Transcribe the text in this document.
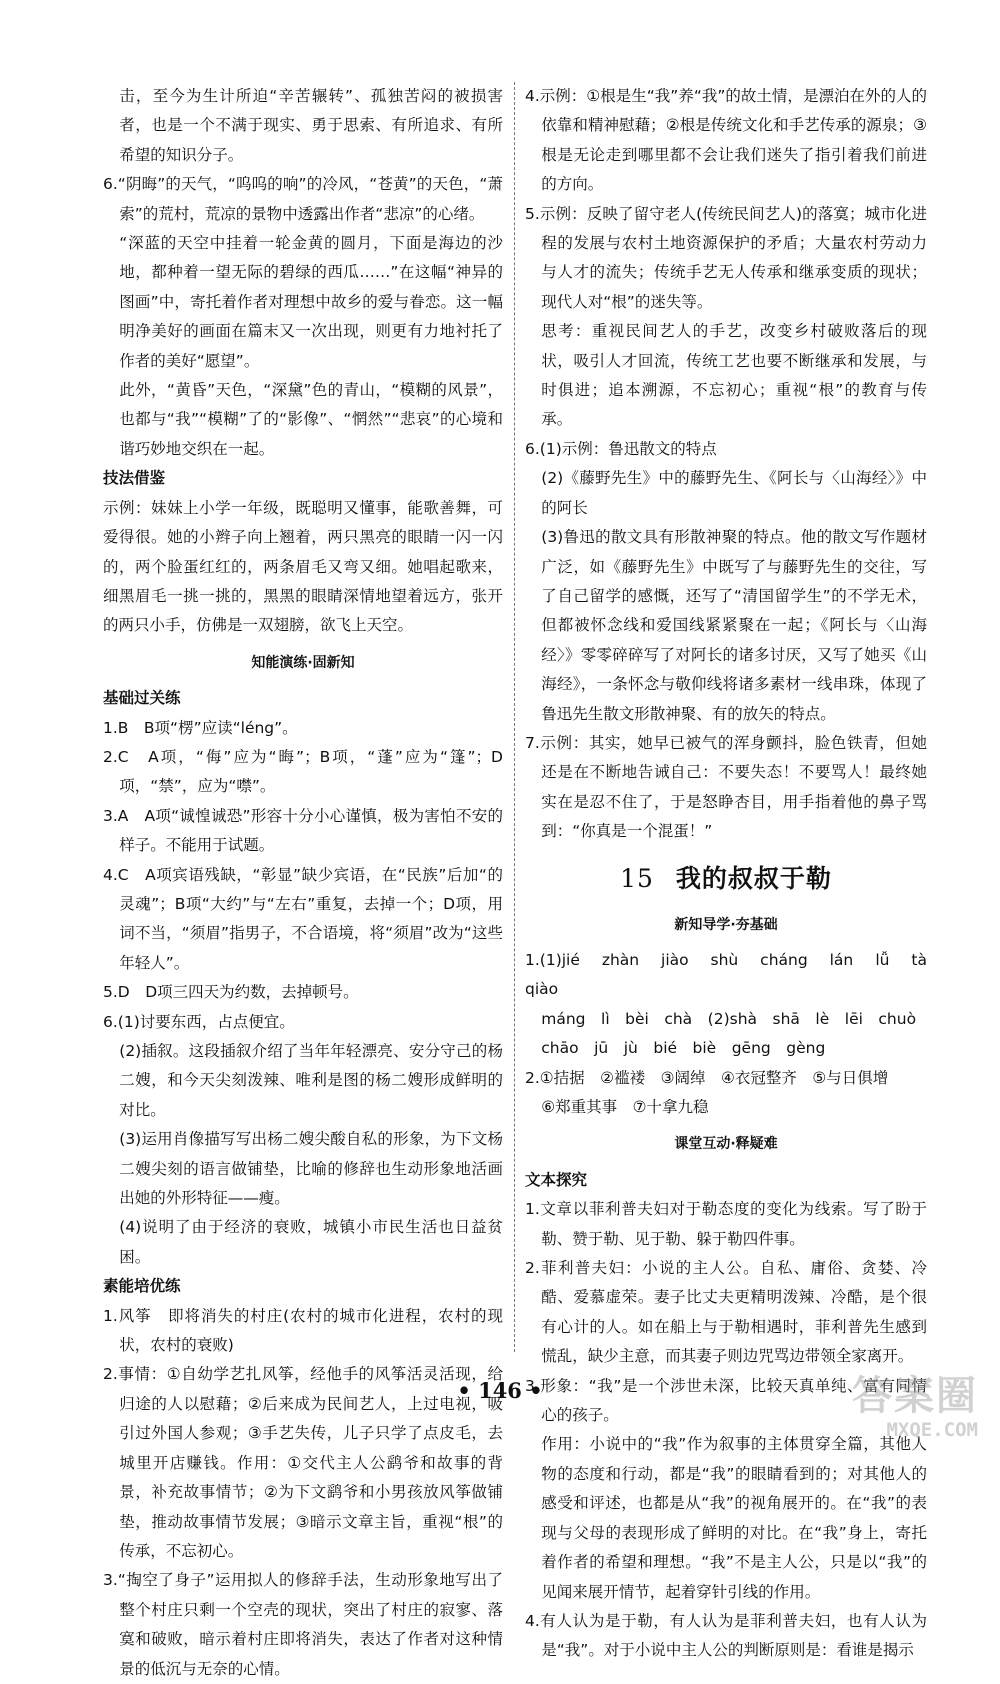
击，至今为生计所迫“辛苦辗转”、孤独苦闷的被损害者，也是一个不满于现实、勇于思索、有所追求、有所希望的知识分子。

6.“阴晦”的天气，“呜呜的响”的冷风，“苍黄”的天色，“萧索”的荒村，荒凉的景物中透露出作者“悲凉”的心绪。

“深蓝的天空中挂着一轮金黄的圆月，下面是海边的沙地，都种着一望无际的碧绿的西瓜……”在这幅“神异的图画”中，寄托着作者对理想中故乡的爱与眷恋。这一幅明净美好的画面在篇末又一次出现，则更有力地衬托了作者的美好“愿望”。

此外，“黄昏”天色，“深黛”色的青山，“模糊的风景”，也都与“我”“模糊”了的“影像”、“惘然”“悲哀”的心境和谐巧妙地交织在一起。

技法借鉴

示例：妹妹上小学一年级，既聪明又懂事，能歌善舞，可爱得很。她的小辫子向上翘着，两只黑亮的眼睛一闪一闪的，两个脸蛋红红的，两条眉毛又弯又细。她唱起歌来，细黑眉毛一挑一挑的，黑黑的眼睛深情地望着远方，张开的两只小手，仿佛是一双翅膀，欲飞上天空。

知能演练·固新知

基础过关练

1.B　B项“楞”应读“léng”。

2.C　A项，“侮”应为“晦”；B项，“蓬”应为“篷”；D项，“禁”，应为“噤”。

3.A　A项“诚惶诚恐”形容十分小心谨慎，极为害怕不安的样子。不能用于试题。

4.C　A项宾语残缺，“彰显”缺少宾语，在“民族”后加“的灵魂”；B项“大约”与“左右”重复，去掉一个；D项，用词不当，“须眉”指男子，不合语境，将“须眉”改为“这些年轻人”。

5.D　D项三四天为约数，去掉顿号。

6.(1)讨要东西，占点便宜。

(2)插叙。这段插叙介绍了当年年轻漂亮、安分守己的杨二嫂，和今天尖刻泼辣、唯利是图的杨二嫂形成鲜明的对比。

(3)运用肖像描写写出杨二嫂尖酸自私的形象，为下文杨二嫂尖刻的语言做铺垫，比喻的修辞也生动形象地活画出她的外形特征——瘦。

(4)说明了由于经济的衰败，城镇小市民生活也日益贫困。

素能培优练

1.风筝　即将消失的村庄(农村的城市化进程，农村的现状，农村的衰败)

2.事情：①自幼学艺扎风筝，经他手的风筝活灵活现，给归途的人以慰藉；②后来成为民间艺人，上过电视，吸引过外国人参观；③手艺失传，儿子只学了点皮毛，去城里开店赚钱。作用：①交代主人公鹞爷和故事的背景，补充故事情节；②为下文鹞爷和小男孩放风筝做铺垫，推动故事情节发展；③暗示文章主旨，重视“根”的传承，不忘初心。

3.“掏空了身子”运用拟人的修辞手法，生动形象地写出了整个村庄只剩一个空壳的现状，突出了村庄的寂寥、落寞和破败，暗示着村庄即将消失，表达了作者对这种情景的低沉与无奈的心情。

4.示例：①根是生“我”养“我”的故土情，是漂泊在外的人的依靠和精神慰藉；②根是传统文化和手艺传承的源泉；③根是无论走到哪里都不会让我们迷失了指引着我们前进的方向。

5.示例：反映了留守老人(传统民间艺人)的落寞；城市化进程的发展与农村土地资源保护的矛盾；大量农村劳动力与人才的流失；传统手艺无人传承和继承变质的现状；现代人对“根”的迷失等。

思考：重视民间艺人的手艺，改变乡村破败落后的现状，吸引人才回流，传统工艺也要不断继承和发展，与时俱进；追本溯源，不忘初心；重视“根”的教育与传承。

6.(1)示例：鲁迅散文的特点

(2)《藤野先生》中的藤野先生、《阿长与〈山海经〉》中的阿长

(3)鲁迅的散文具有形散神聚的特点。他的散文写作题材广泛，如《藤野先生》中既写了与藤野先生的交往，写了自己留学的感慨，还写了“清国留学生”的不学无术，但都被怀念线和爱国线紧紧聚在一起；《阿长与〈山海经〉》零零碎碎写了对阿长的诸多讨厌，又写了她买《山海经》，一条怀念与敬仰线将诸多素材一线串珠，体现了鲁迅先生散文形散神聚、有的放矢的特点。

7.示例：其实，她早已被气的浑身颤抖，脸色铁青，但她还是在不断地告诫自己：不要失态！不要骂人！最终她实在是忍不住了，于是怒睁杏目，用手指着他的鼻子骂到：“你真是一个混蛋！”

15 我的叔叔于勒

新知导学·夯基础

1.(1)jié　zhàn　jiào　shù　cháng　lán lǚ　tà　qiào

máng　lì　bèi　chà　(2)shà　shā　lè　lēi　chuò

chāo　jū　jù　bié　biè　gēng　gèng

2.①拮据　②褴褛　③阔绰　④衣冠整齐　⑤与日俱增

⑥郑重其事　⑦十拿九稳

课堂互动·释疑难

文本探究

1.文章以菲利普夫妇对于勒态度的变化为线索。写了盼于勒、赞于勒、见于勒、躲于勒四件事。

2.菲利普夫妇：小说的主人公。自私、庸俗、贪婪、冷酷、爱慕虚荣。妻子比丈夫更精明泼辣、冷酷，是个很有心计的人。如在船上与于勒相遇时，菲利普先生感到慌乱，缺少主意，而其妻子则边咒骂边带领全家离开。

3.形象：“我”是一个涉世未深，比较天真单纯、富有同情心的孩子。

作用：小说中的“我”作为叙事的主体贯穿全篇，其他人物的态度和行动，都是“我”的眼睛看到的；对其他人的感受和评述，也都是从“我”的视角展开的。在“我”的表现与父母的表现形成了鲜明的对比。在“我”身上，寄托着作者的希望和理想。“我”不是主人公，只是以“我”的见闻来展开情节，起着穿针引线的作用。

4.有人认为是于勒，有人认为是菲利普夫妇，也有人认为是“我”。对于小说中主人公的判断原则是：看谁是揭示

• 146 •	答案圈
MXQE.COM
